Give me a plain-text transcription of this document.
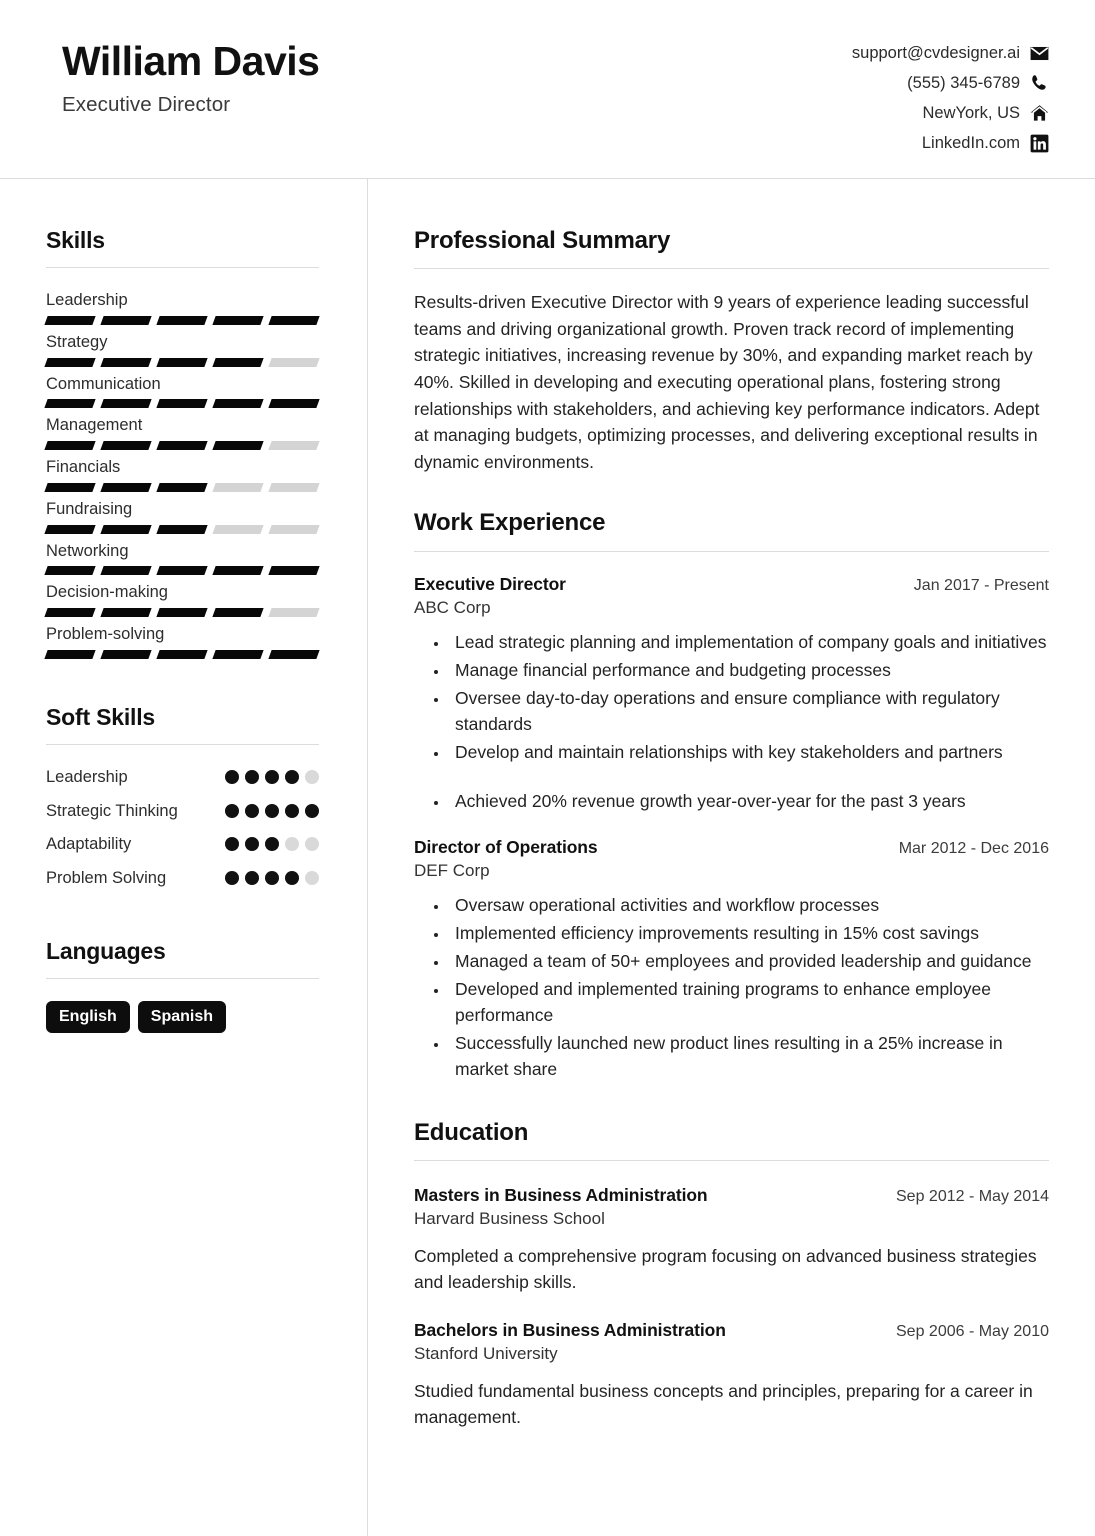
William Davis
Executive Director
support@cvdesigner.ai
(555) 345-6789
NewYork, US
LinkedIn.com
Skills
Leadership
Strategy
Communication
Management
Financials
Fundraising
Networking
Decision-making
Problem-solving
Soft Skills
Leadership
Strategic Thinking
Adaptability
Problem Solving
Languages
English	Spanish
Professional Summary

Results-driven Executive Director with 9 years of experience leading successful teams and driving organizational growth. Proven track record of implementing strategic initiatives, increasing revenue by 30%, and expanding market reach by 40%. Skilled in developing and executing operational plans, fostering strong relationships with stakeholders, and achieving key performance indicators. Adept at managing budgets, optimizing processes, and delivering exceptional results in dynamic environments.

Work Experience
Executive Director	Jan 2017 - Present
ABC Corp
• Lead strategic planning and implementation of company goals and initiatives
• Manage financial performance and budgeting processes
• Oversee day-to-day operations and ensure compliance with regulatory standards
• Develop and maintain relationships with key stakeholders and partners
• Achieved 20% revenue growth year-over-year for the past 3 years
Director of Operations	Mar 2012 - Dec 2016
DEF Corp
• Oversaw operational activities and workflow processes
• Implemented efficiency improvements resulting in 15% cost savings
• Managed a team of 50+ employees and provided leadership and guidance
• Developed and implemented training programs to enhance employee performance
• Successfully launched new product lines resulting in a 25% increase in market share
Education
Masters in Business Administration	Sep 2012 - May 2014
Harvard Business School

Completed a comprehensive program focusing on advanced business strategies and leadership skills.

Bachelors in Business Administration	Sep 2006 - May 2010
Stanford University

Studied fundamental business concepts and principles, preparing for a career in management.
